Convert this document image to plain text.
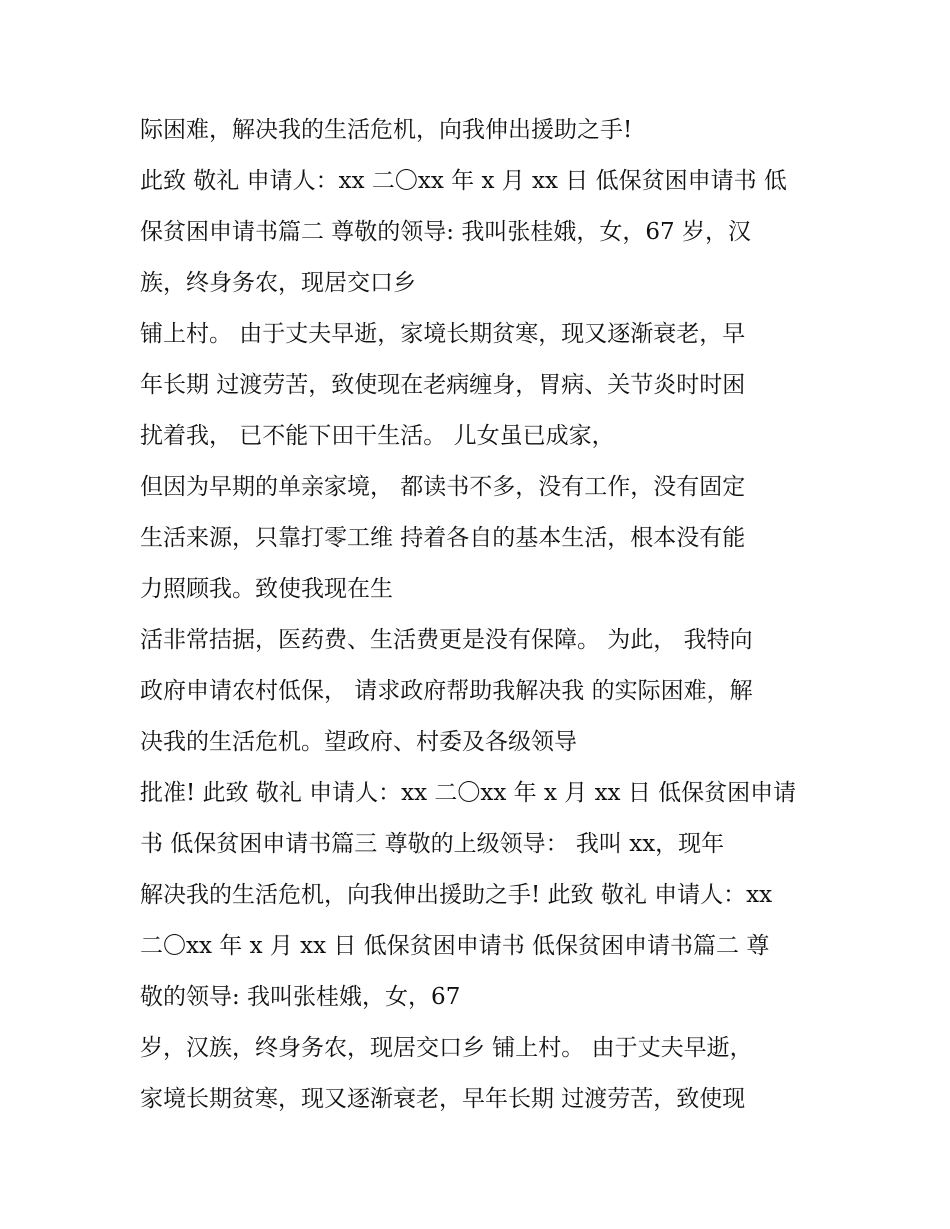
际困难，解决我的生活危机，向我伸出援助之手!
此致 敬礼 申请人：xx 二〇xx 年 x 月 xx 日 低保贫困申请书 低
保贫困申请书篇二 尊敬的领导: 我叫张桂娥，女，67 岁，汉
族，终身务农，现居交口乡
铺上村。 由于丈夫早逝，家境长期贫寒，现又逐渐衰老，早
年长期 过渡劳苦，致使现在老病缠身，胃病、关节炎时时困
扰着我， 已不能下田干生活。 儿女虽已成家，
但因为早期的单亲家境， 都读书不多，没有工作，没有固定
生活来源，只靠打零工维 持着各自的基本生活，根本没有能
力照顾我。致使我现在生
活非常拮据，医药费、生活费更是没有保障。 为此， 我特向
政府申请农村低保， 请求政府帮助我解决我 的实际困难，解
决我的生活危机。望政府、村委及各级领导
批准! 此致 敬礼 申请人：xx 二〇xx 年 x 月 xx 日 低保贫困申请
书 低保贫困申请书篇三 尊敬的上级领导： 我叫 xx，现年
解决我的生活危机，向我伸出援助之手! 此致 敬礼 申请人：xx
二〇xx 年 x 月 xx 日 低保贫困申请书 低保贫困申请书篇二 尊
敬的领导: 我叫张桂娥，女，67
岁，汉族，终身务农，现居交口乡 铺上村。 由于丈夫早逝，
家境长期贫寒，现又逐渐衰老，早年长期 过渡劳苦，致使现
